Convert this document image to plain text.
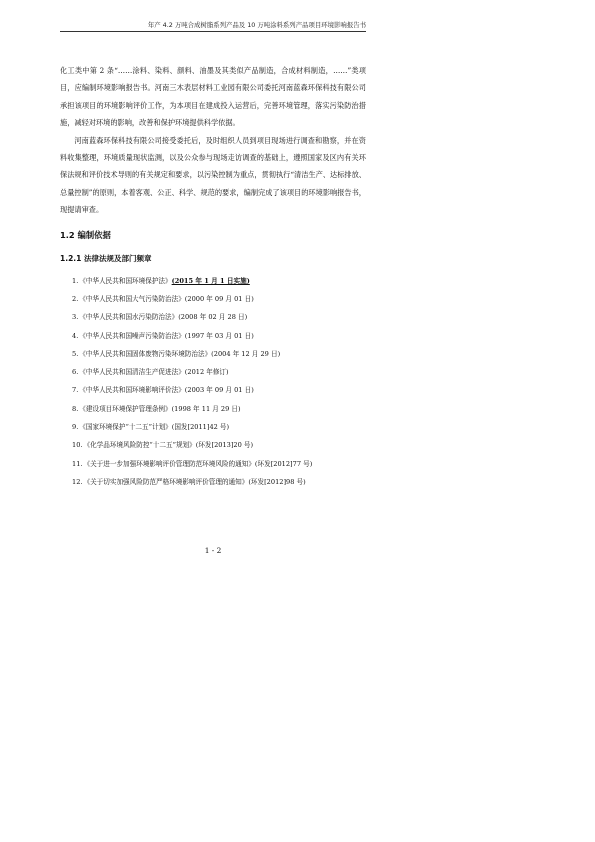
年产 4.2 万吨合成树脂系列产品及 10 万吨涂料系列产品项目环境影响报告书

化工类中第 2 条“……涂料、染料、颜料、油墨及其类似产品制造，合成材料制造，……”类项目，应编制环境影响报告书。河南三木表层材料工业园有限公司委托河南蓝森环保科技有限公司承担该项目的环境影响评价工作，为本项目在建成投入运营后，完善环境管理，落实污染防治措施，减轻对环境的影响，改善和保护环境提供科学依据。

河南蓝森环保科技有限公司接受委托后，及时组织人员到项目现场进行调查和勘察，并在资料收集整理，环境质量现状监测，以及公众参与现场走访调查的基础上，遵照国家及区内有关环保法规和评价技术导则的有关规定和要求，以污染控制为重点，贯彻执行“清洁生产、达标排放、总量控制”的原则，本着客观、公正、科学、规范的要求，编制完成了该项目的环境影响报告书，现提请审查。

1.2 编制依据
1.2.1 法律法规及部门频章
1.《中华人民共和国环境保护法》(2015 年 1 月 1 日实施)
2.《中华人民共和国大气污染防治法》(2000 年 09 月 01 日)
3.《中华人民共和国水污染防治法》(2008 年 02 月 28 日)
4.《中华人民共和国噪声污染防治法》(1997 年 03 月 01 日)
5.《中华人民共和国固体废物污染环境防治法》(2004 年 12 月 29 日)
6.《中华人民共和国清洁生产促进法》(2012 年修订)
7.《中华人民共和国环境影响评价法》(2003 年 09 月 01 日)
8.《建设项目环境保护管理条例》(1998 年 11 月 29 日)
9.《国家环境保护“十二五”计划》(国发[2011]42 号)
10.《化学品环境风险防控“十二五”规划》(环发[2013]20 号)
11.《关于进一步加强环境影响评价管理防范环境风险的通知》(环发[2012]77 号)
12.《关于切实加强风险防范严格环境影响评价管理的通知》(环发[2012]98 号)
1 - 2
